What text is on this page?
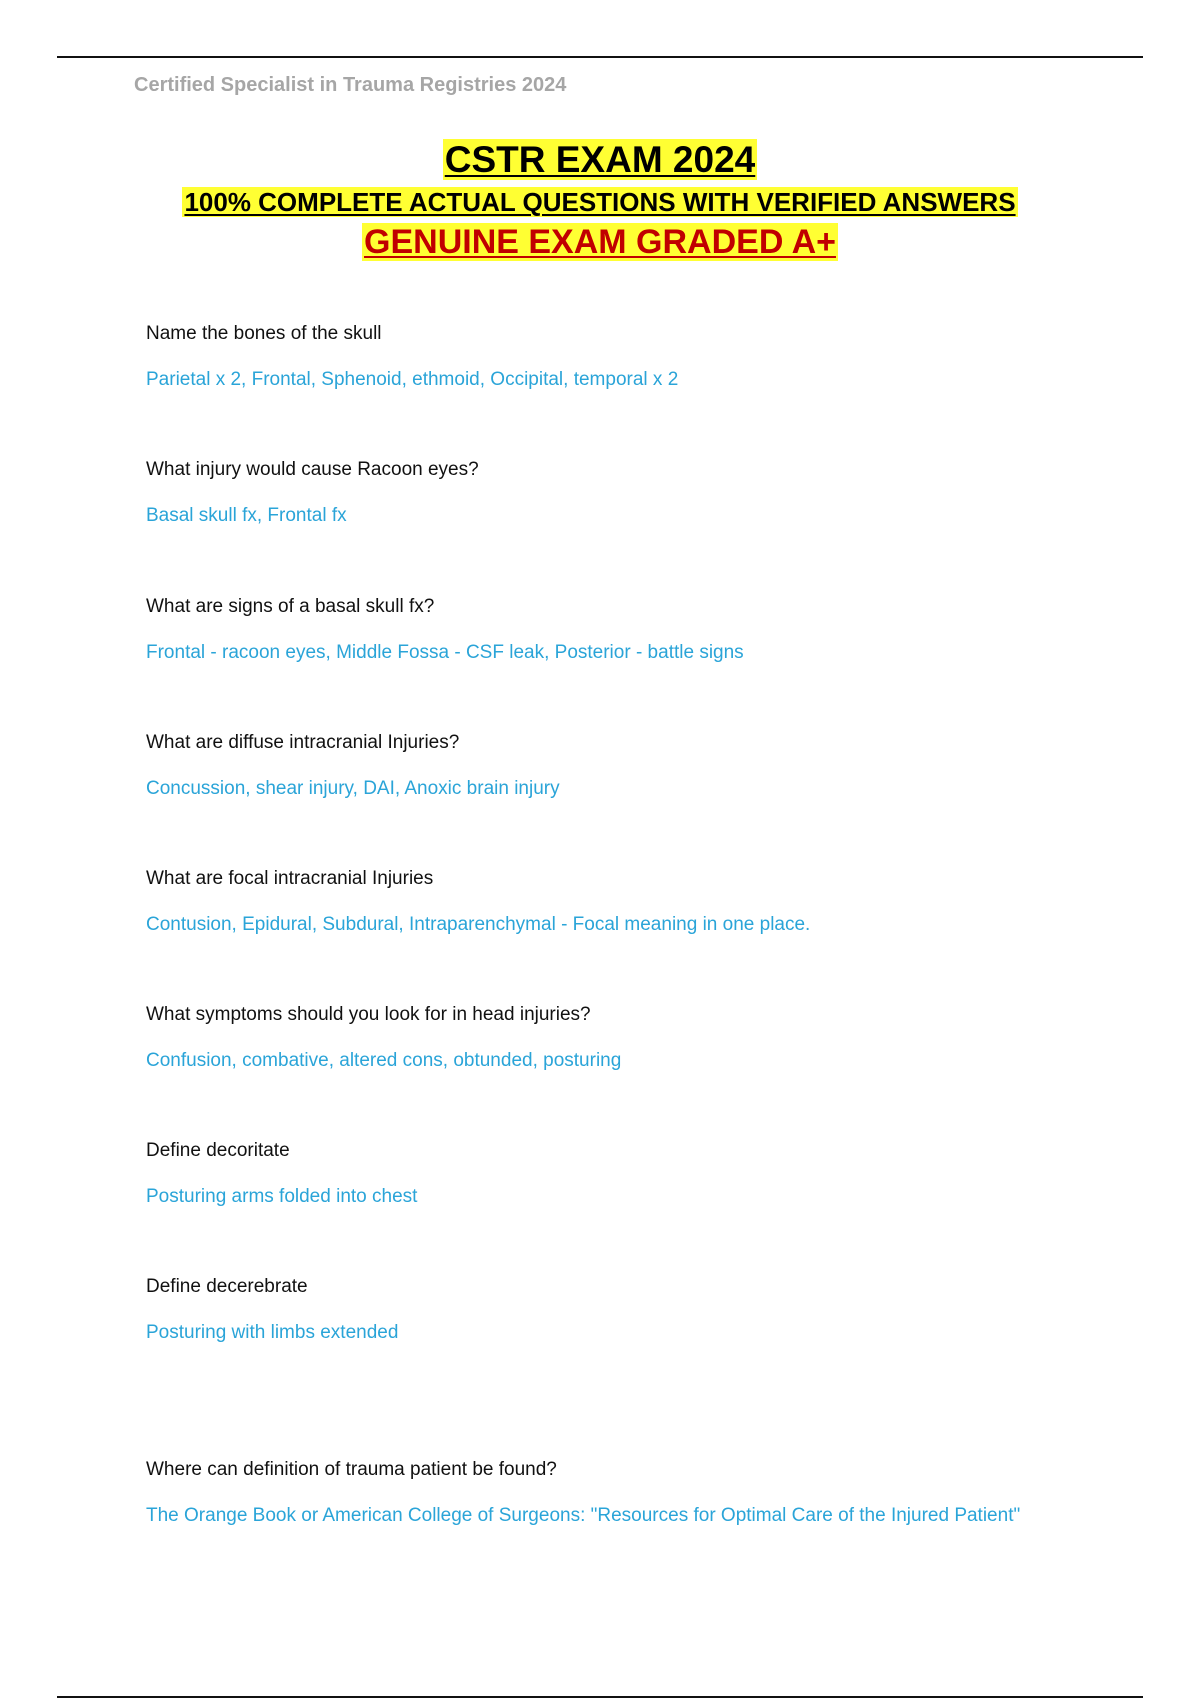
Certified Specialist in Trauma Registries 2024
CSTR EXAM 2024
100% COMPLETE ACTUAL QUESTIONS WITH VERIFIED ANSWERS
GENUINE EXAM GRADED A+
Name the bones of the skull
Parietal x 2, Frontal, Sphenoid, ethmoid, Occipital, temporal x 2
What injury would cause Racoon eyes?
Basal skull fx, Frontal fx
What are signs of a basal skull fx?
Frontal - racoon eyes, Middle Fossa - CSF leak, Posterior - battle signs
What are diffuse intracranial Injuries?
Concussion, shear injury, DAI, Anoxic brain injury
What are focal intracranial Injuries
Contusion, Epidural, Subdural, Intraparenchymal - Focal meaning in one place.
What symptoms should you look for in head injuries?
Confusion, combative, altered cons, obtunded, posturing
Define decoritate
Posturing arms folded into chest
Define decerebrate
Posturing with limbs extended
Where can definition of trauma patient be found?
The Orange Book or American College of Surgeons: "Resources for Optimal Care of the Injured Patient"
